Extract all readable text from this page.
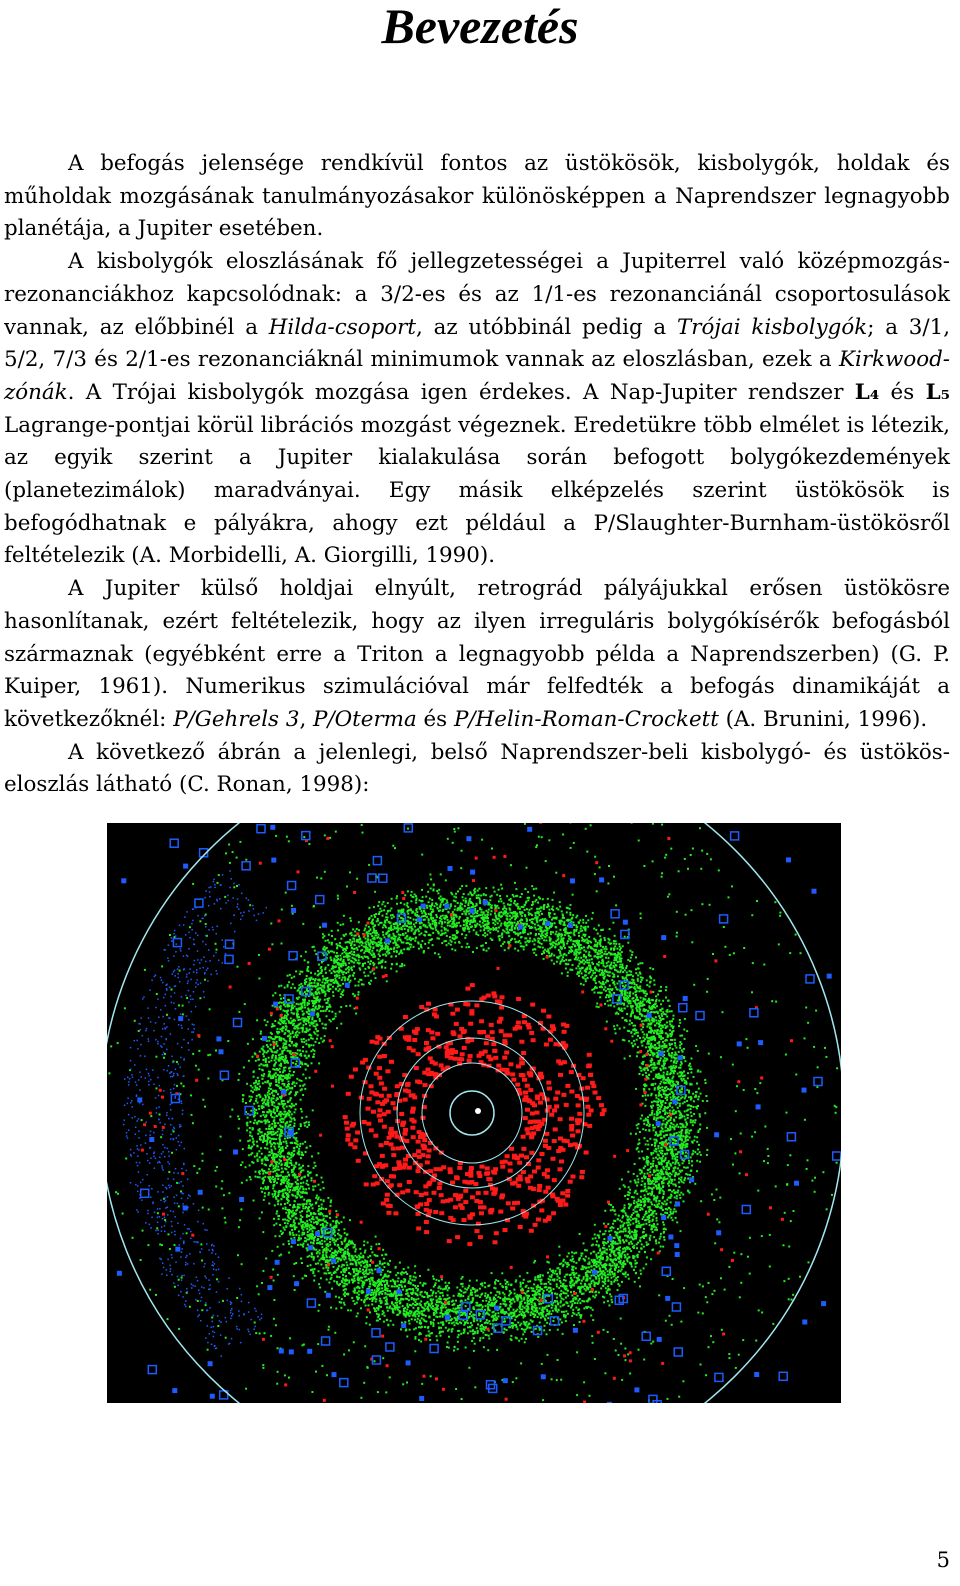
Bevezetés

A befogás jelensége rendkívül fontos az üstökösök, kisbolygók, holdak és műholdak mozgásának tanulmányozásakor különösképpen a Naprendszer legnagyobb planétája, a Jupiter esetében.

A kisbolygók eloszlásának fő jellegzetességei a Jupiterrel való középmozgás-rezonanciákhoz kapcsolódnak: a 3/2-es és az 1/1-es rezonanciánál csoportosulások vannak, az előbbinél a Hilda-csoport, az utóbbinál pedig a Trójai kisbolygók; a 3/1, 5/2, 7/3 és 2/1-es rezonanciáknál minimumok vannak az eloszlásban, ezek a Kirkwood-zónák. A Trójai kisbolygók mozgása igen érdekes. A Nap-Jupiter rendszer L₄ és L₅ Lagrange-pontjai körül librációs mozgást végeznek. Eredetükre több elmélet is létezik, az egyik szerint a Jupiter kialakulása során befogott bolygókezdemények (planetezimálok) maradványai. Egy másik elképzelés szerint üstökösök is befogódhatnak e pályákra, ahogy ezt például a P/Slaughter-Burnham-üstökösről feltételezik (A. Morbidelli, A. Giorgilli, 1990).

A Jupiter külső holdjai elnyúlt, retrográd pályájukkal erősen üstökösre hasonlítanak, ezért feltételezik, hogy az ilyen irreguláris bolygókísérők befogásból származnak (egyébként erre a Triton a legnagyobb példa a Naprendszerben) (G. P. Kuiper, 1961). Numerikus szimulációval már felfedték a befogás dinamikáját a következőknél: P/Gehrels 3, P/Oterma és P/Helin-Roman-Crockett (A. Brunini, 1996).

A következő ábrán a jelenlegi, belső Naprendszer-beli kisbolygó- és üstökös-eloszlás látható (C. Ronan, 1998):

5
